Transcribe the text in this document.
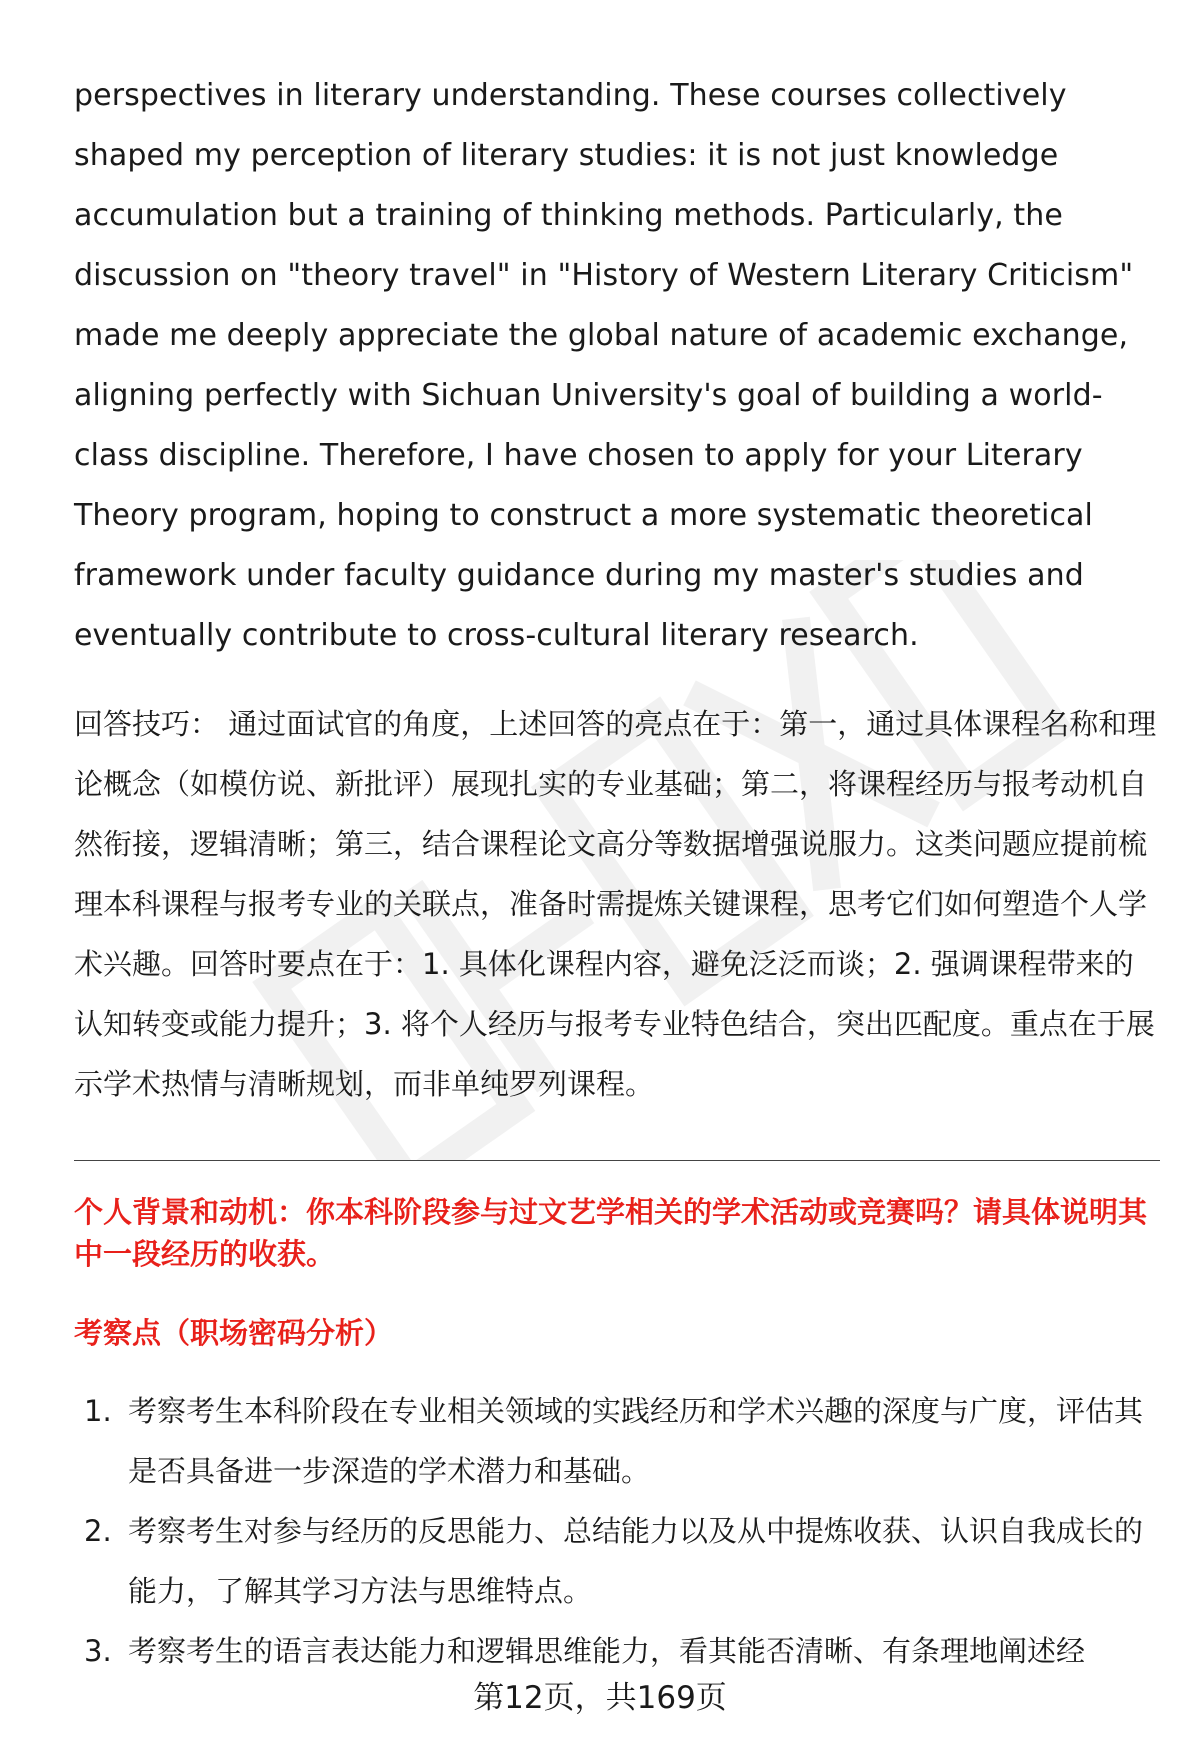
perspectives in literary understanding. These courses collectively shaped my perception of literary studies: it is not just knowledge accumulation but a training of thinking methods. Particularly, the discussion on "theory travel" in "History of Western Literary Criticism" made me deeply appreciate the global nature of academic exchange, aligning perfectly with Sichuan University's goal of building a world-class discipline. Therefore, I have chosen to apply for your Literary Theory program, hoping to construct a more systematic theoretical framework under faculty guidance during my master's studies and eventually contribute to cross-cultural literary research.

回答技巧： 通过面试官的角度，上述回答的亮点在于：第一，通过具体课程名称和理论概念（如模仿说、新批评）展现扎实的专业基础；第二，将课程经历与报考动机自然衔接，逻辑清晰；第三，结合课程论文高分等数据增强说服力。这类问题应提前梳理本科课程与报考专业的关联点，准备时需提炼关键课程，思考它们如何塑造个人学术兴趣。回答时要点在于：1. 具体化课程内容，避免泛泛而谈；2. 强调课程带来的认知转变或能力提升；3. 将个人经历与报考专业特色结合，突出匹配度。重点在于展示学术热情与清晰规划，而非单纯罗列课程。
个人背景和动机：你本科阶段参与过文艺学相关的学术活动或竞赛吗？请具体说明其中一段经历的收获。
考察点（职场密码分析）
1. 考察考生本科阶段在专业相关领域的实践经历和学术兴趣的深度与广度，评估其是否具备进一步深造的学术潜力和基础。
2. 考察考生对参与经历的反思能力、总结能力以及从中提炼收获、认识自我成长的能力，了解其学习方法与思维特点。
3. 考察考生的语言表达能力和逻辑思维能力，看其能否清晰、有条理地阐述经
第12页，共169页
